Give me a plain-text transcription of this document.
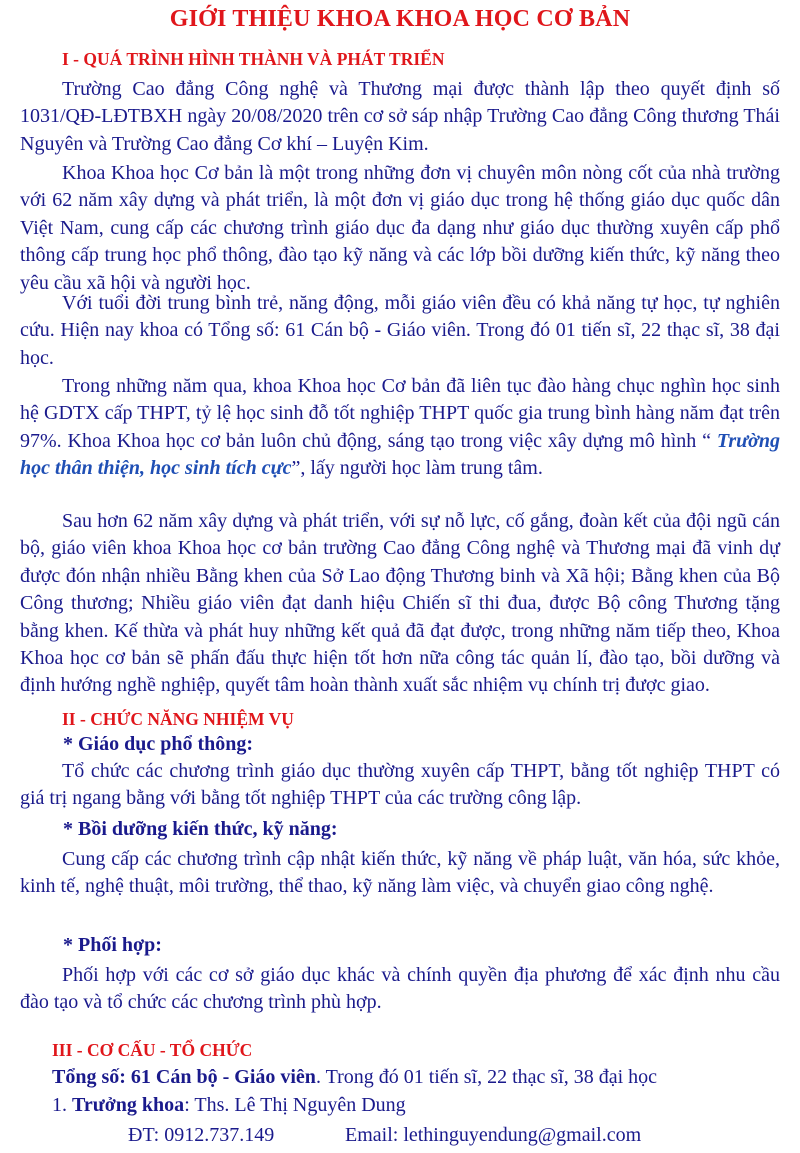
GIỚI THIỆU KHOA KHOA HỌC CƠ BẢN
I - QUÁ TRÌNH HÌNH THÀNH VÀ PHÁT TRIỂN

Trường Cao đẳng Công nghệ và Thương mại được thành lập theo quyết định số 1031/QĐ-LĐTBXH ngày 20/08/2020 trên cơ sở sáp nhập Trường Cao đẳng Công thương Thái Nguyên và Trường Cao đẳng Cơ khí – Luyện Kim.

Khoa Khoa học Cơ bản là một trong những đơn vị chuyên môn nòng cốt của nhà trường với 62 năm xây dựng và phát triển, là một đơn vị giáo dục trong hệ thống giáo dục quốc dân Việt Nam, cung cấp các chương trình giáo dục đa dạng như giáo dục thường xuyên cấp phổ thông cấp trung học phổ thông, đào tạo kỹ năng và các lớp bồi dưỡng kiến thức, kỹ năng theo yêu cầu xã hội và người học.

Với tuổi đời trung bình trẻ, năng động, mỗi giáo viên đều có khả năng tự học, tự nghiên cứu. Hiện nay khoa có Tổng số: 61 Cán bộ - Giáo viên. Trong đó 01 tiến sĩ, 22 thạc sĩ, 38 đại học.

Trong những năm qua, khoa Khoa học Cơ bản đã liên tục đào hàng chục nghìn học sinh hệ GDTX cấp THPT, tỷ lệ học sinh đỗ tốt nghiệp THPT quốc gia trung bình hàng năm đạt trên 97%. Khoa Khoa học cơ bản luôn chủ động, sáng tạo trong việc xây dựng mô hình “ Trường học thân thiện, học sinh tích cực”, lấy người học làm trung tâm.

Sau hơn 62 năm xây dựng và phát triển, với sự nỗ lực, cố gắng, đoàn kết của đội ngũ cán bộ, giáo viên khoa Khoa học cơ bản trường Cao đẳng Công nghệ và Thương mại đã vinh dự được đón nhận nhiều Bằng khen của Sở Lao động Thương binh và Xã hội; Bằng khen của Bộ Công thương; Nhiều giáo viên đạt danh hiệu Chiến sĩ thi đua, được Bộ công Thương tặng bằng khen. Kế thừa và phát huy những kết quả đã đạt được, trong những năm tiếp theo, Khoa Khoa học cơ bản sẽ phấn đấu thực hiện tốt hơn nữa công tác quản lí, đào tạo, bồi dưỡng và định hướng nghề nghiệp, quyết tâm hoàn thành xuất sắc nhiệm vụ chính trị được giao.

II - CHỨC NĂNG NHIỆM VỤ

* Giáo dục phổ thông:

Tổ chức các chương trình giáo dục thường xuyên cấp THPT, bằng tốt nghiệp THPT có giá trị ngang bằng với bằng tốt nghiệp THPT của các trường công lập.

* Bồi dưỡng kiến thức, kỹ năng:

Cung cấp các chương trình cập nhật kiến thức, kỹ năng về pháp luật, văn hóa, sức khỏe, kinh tế, nghệ thuật, môi trường, thể thao, kỹ năng làm việc, và chuyển giao công nghệ.

* Phối hợp:

Phối hợp với các cơ sở giáo dục khác và chính quyền địa phương để xác định nhu cầu đào tạo và tổ chức các chương trình phù hợp.

III - CƠ CẤU - TỔ CHỨC

Tổng số: 61 Cán bộ - Giáo viên. Trong đó 01 tiến sĩ, 22 thạc sĩ, 38 đại học

1. Trưởng khoa: Ths. Lê Thị Nguyên Dung

ĐT: 0912.737.149	Email: lethinguyendung@gmail.com
